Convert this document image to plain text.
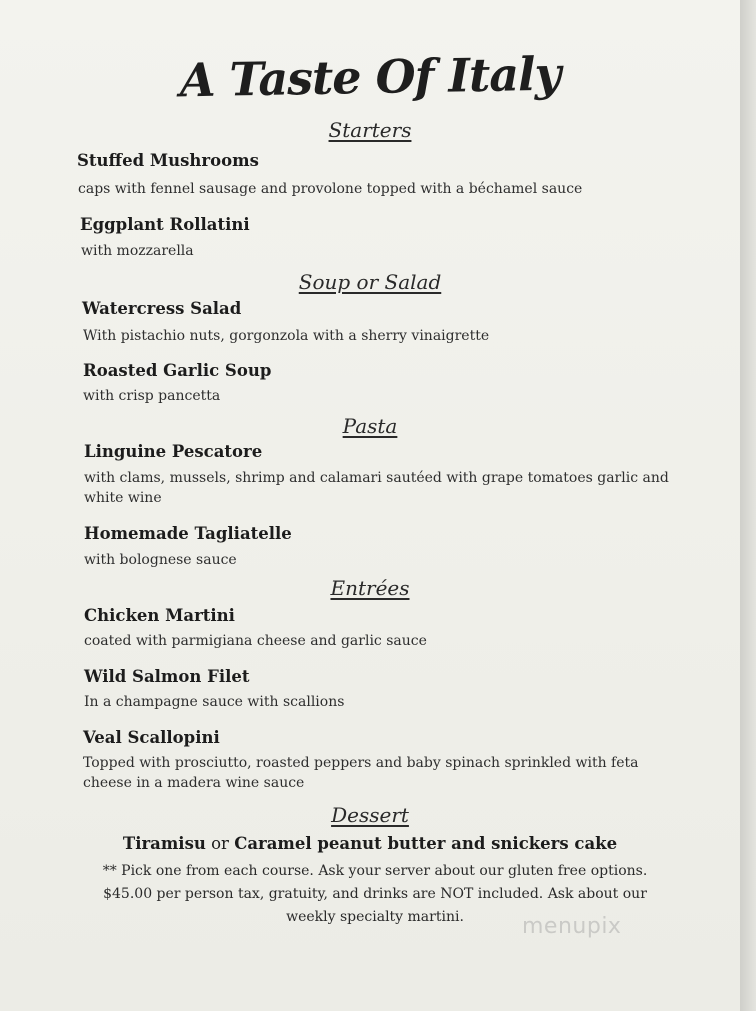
A Taste Of Italy
Starters
Stuffed Mushrooms
caps with fennel sausage and provolone topped with a béchamel sauce
Eggplant Rollatini
with mozzarella
Soup or Salad
Watercress Salad
With pistachio nuts, gorgonzola with a sherry vinaigrette
Roasted Garlic Soup
with crisp pancetta
Pasta
Linguine Pescatore
with clams, mussels, shrimp and calamari sautéed with grape tomatoes garlic and white wine
Homemade Tagliatelle
with bolognese sauce
Entrées
Chicken Martini
coated with parmigiana cheese and garlic sauce
Wild Salmon Filet
In a champagne sauce with scallions
Veal Scallopini
Topped with prosciutto, roasted peppers and baby spinach sprinkled with feta cheese in a madera wine sauce
Dessert
Tiramisu or Caramel peanut butter and snickers cake
** Pick one from each course. Ask your server about our gluten free options. $45.00 per person tax, gratuity, and drinks are NOT included. Ask about our weekly specialty martini.	menupix
